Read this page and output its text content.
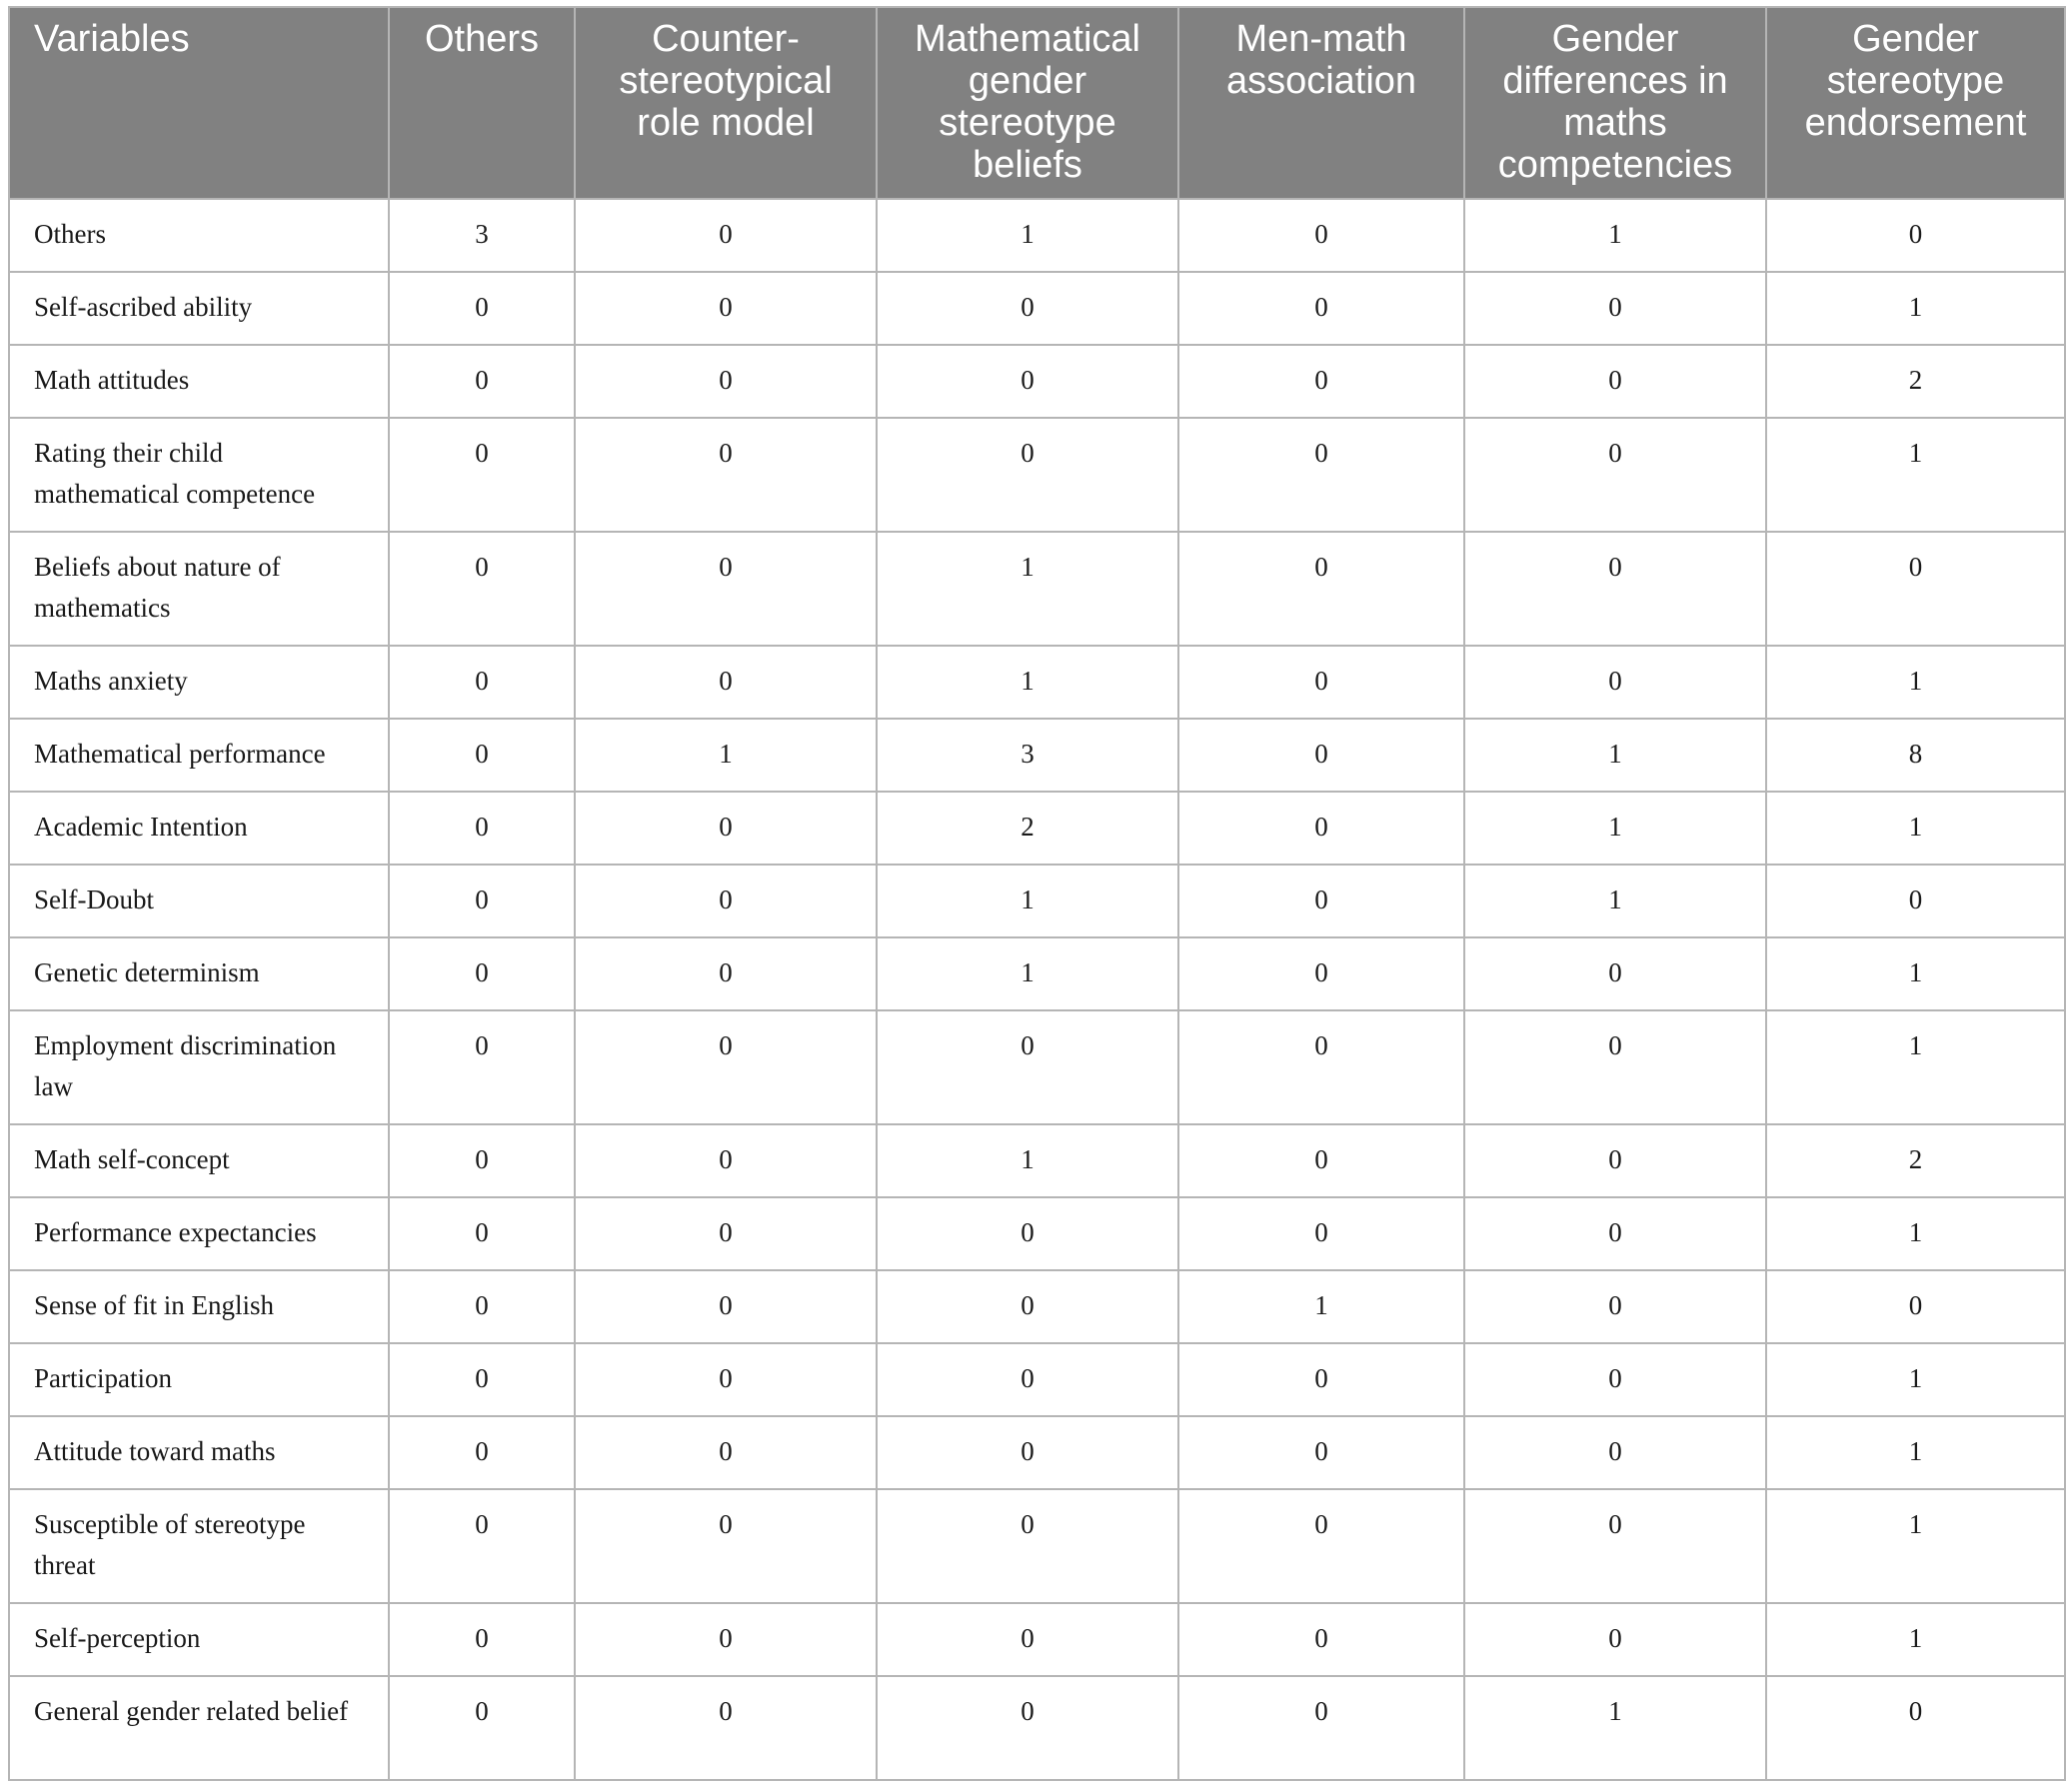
Variables	Others	Counter-stereotypical role model	Mathematical gender stereotype beliefs	Men-math association	Gender differences in maths competencies	Gender stereotype endorsement
Others	3	0	1	0	1	0
Self-ascribed ability	0	0	0	0	0	1
Math attitudes	0	0	0	0	0	2
Rating their child mathematical competence	0	0	0	0	0	1
Beliefs about nature of mathematics	0	0	1	0	0	0
Maths anxiety	0	0	1	0	0	1
Mathematical performance	0	1	3	0	1	8
Academic Intention	0	0	2	0	1	1
Self-Doubt	0	0	1	0	1	0
Genetic determinism	0	0	1	0	0	1
Employment discrimination law	0	0	0	0	0	1
Math self-concept	0	0	1	0	0	2
Performance expectancies	0	0	0	0	0	1
Sense of fit in English	0	0	0	1	0	0
Participation	0	0	0	0	0	1
Attitude toward maths	0	0	0	0	0	1
Susceptible of stereotype threat	0	0	0	0	0	1
Self-perception	0	0	0	0	0	1
General gender related belief	0	0	0	0	1	0
